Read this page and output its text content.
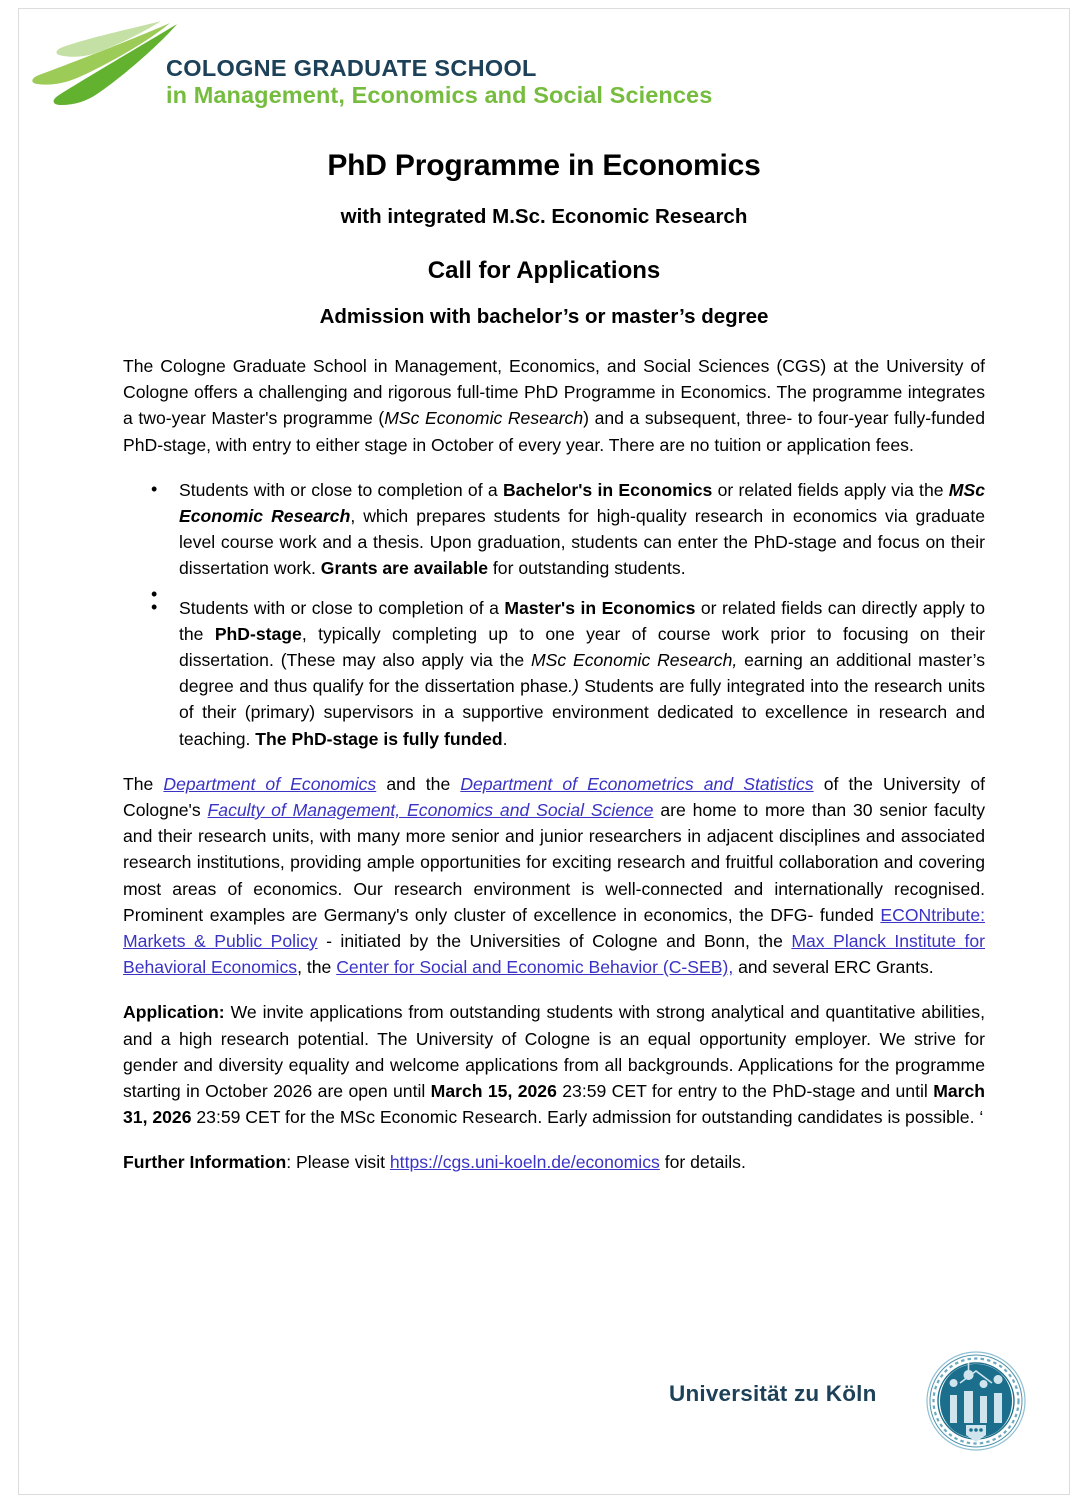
COLOGNE GRADUATE SCHOOL
in Management, Economics and Social Sciences
PhD Programme in Economics
with integrated M.Sc. Economic Research
Call for Applications
Admission with bachelor’s or master’s degree

The Cologne Graduate School in Management, Economics, and Social Sciences (CGS) at the University of Cologne offers a challenging and rigorous full-time PhD Programme in Economics. The programme integrates a two-year Master's programme (MSc Economic Research) and a subsequent, three- to four-year fully-funded PhD-stage, with entry to either stage in October of every year. There are no tuition or application fees.

• Students with or close to completion of a Bachelor's in Economics or related fields apply via the MSc Economic Research, which prepares students for high-quality research in economics via graduate level course work and a thesis. Upon graduation, students can enter the PhD-stage and focus on their dissertation work. Grants are available for outstanding students.
•
• Students with or close to completion of a Master's in Economics or related fields can directly apply to the PhD-stage, typically completing up to one year of course work prior to focusing on their dissertation. (These may also apply via the MSc Economic Research, earning an additional master’s degree and thus qualify for the dissertation phase.) Students are fully integrated into the research units of their (primary) supervisors in a supportive environment dedicated to excellence in research and teaching. The PhD-stage is fully funded.

The Department of Economics and the Department of Econometrics and Statistics of the University of Cologne's Faculty of Management, Economics and Social Science are home to more than 30 senior faculty and their research units, with many more senior and junior researchers in adjacent disciplines and associated research institutions, providing ample opportunities for exciting research and fruitful collaboration and covering most areas of economics. Our research environment is well-connected and internationally recognised. Prominent examples are Germany's only cluster of excellence in economics, the DFG- funded ECONtribute: Markets & Public Policy - initiated by the Universities of Cologne and Bonn, the Max Planck Institute for Behavioral Economics, the Center for Social and Economic Behavior (C-SEB), and several ERC Grants.

Application: We invite applications from outstanding students with strong analytical and quantitative abilities, and a high research potential. The University of Cologne is an equal opportunity employer. We strive for gender and diversity equality and welcome applications from all backgrounds. Applications for the programme starting in October 2026 are open until March 15, 2026 23:59 CET for entry to the PhD-stage and until March 31, 2026 23:59 CET for the MSc Economic Research. Early admission for outstanding candidates is possible. ‘

Further Information: Please visit https://cgs.uni-koeln.de/economics for details.

Universität zu Köln
